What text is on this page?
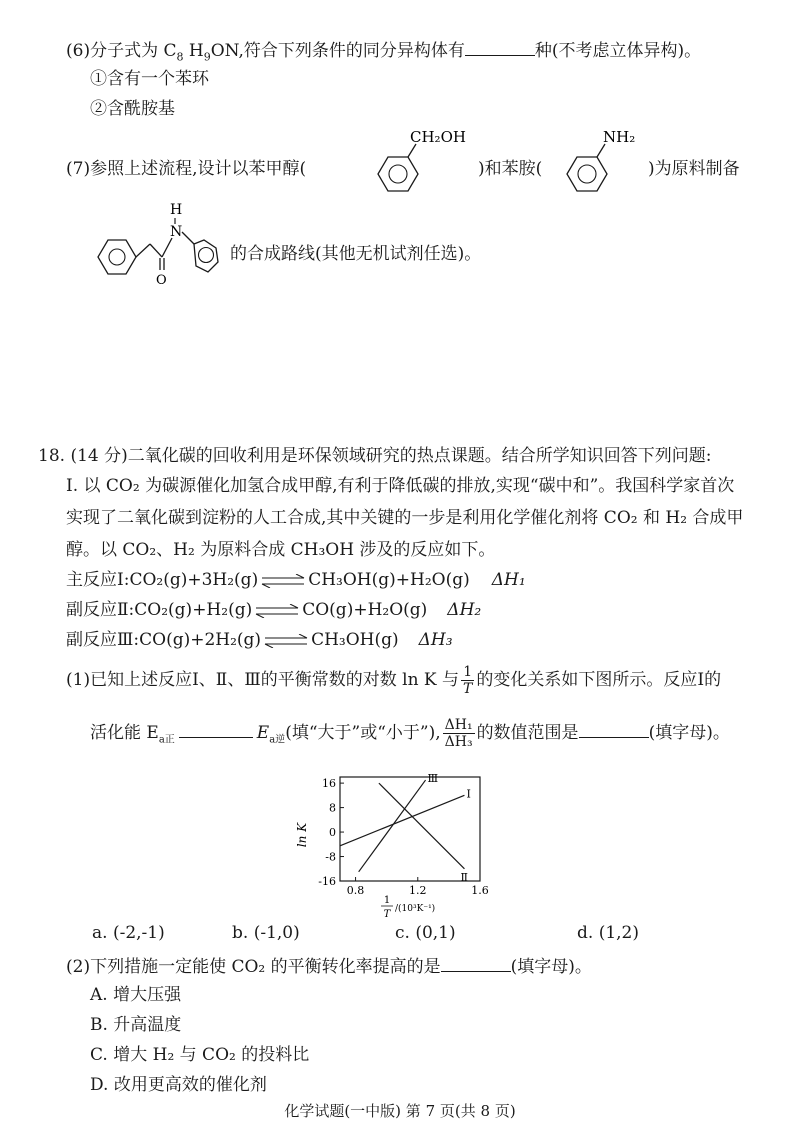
(6)分子式为 $C_8$ $H_9ON$,符合下列条件的同分异构体有	种(不考虑立体异构)。
①含有一个苯环
②含酰胺基
(7)参照上述流程,设计以苯甲醇(
CH₂OH
)和苯胺(
NH₂
)为原料制备
O
N
H
的合成路线(其他无机试剂任选)。
18. (14 分)二氧化碳的回收利用是环保领域研究的热点课题。结合所学知识回答下列问题:
Ⅰ. 以 CO₂ 为碳源催化加氢合成甲醇,有利于降低碳的排放,实现“碳中和”。我国科学家首次
实现了二氧化碳到淀粉的人工合成,其中关键的一步是利用化学催化剂将 CO₂ 和 H₂ 合成甲
醇。以 CO₂、H₂ 为原料合成 CH₃OH 涉及的反应如下。
主反应Ⅰ:CO₂(g)+3H₂(g) ⇌ CH₃OH(g)+H₂O(g) ΔH₁
副反应Ⅱ:CO₂(g)+H₂(g) ⇌ CO(g)+H₂O(g) ΔH₂
副反应Ⅲ:CO(g)+2H₂(g) ⇌ CH₃OH(g) ΔH₃
(1)已知上述反应Ⅰ、Ⅱ、Ⅲ的平衡常数的对数 ln K 与 $\frac{1}{T}$ 的变化关系如下图所示。反应Ⅰ的
活化能 $E_{a正}$	$E_{a逆}$(填“大于”或“小于”), $\frac{\text{ΔH₁}}{\text{ΔH₃}}$ 的数值范围是	(填字母)。
16
8
0
-8
-16
0.8	1.2	1.6
Ⅰ
Ⅱ
Ⅲ
ln K
1
T /(10³K⁻¹)
a. (-2,-1)	b. (-1,0)	c. (0,1)	d. (1,2)
(2)下列措施一定能使 CO₂ 的平衡转化率提高的是	(填字母)。
A. 增大压强
B. 升高温度
C. 增大 H₂ 与 CO₂ 的投料比
D. 改用更高效的催化剂
化学试题(一中版) 第 7 页(共 8 页)
